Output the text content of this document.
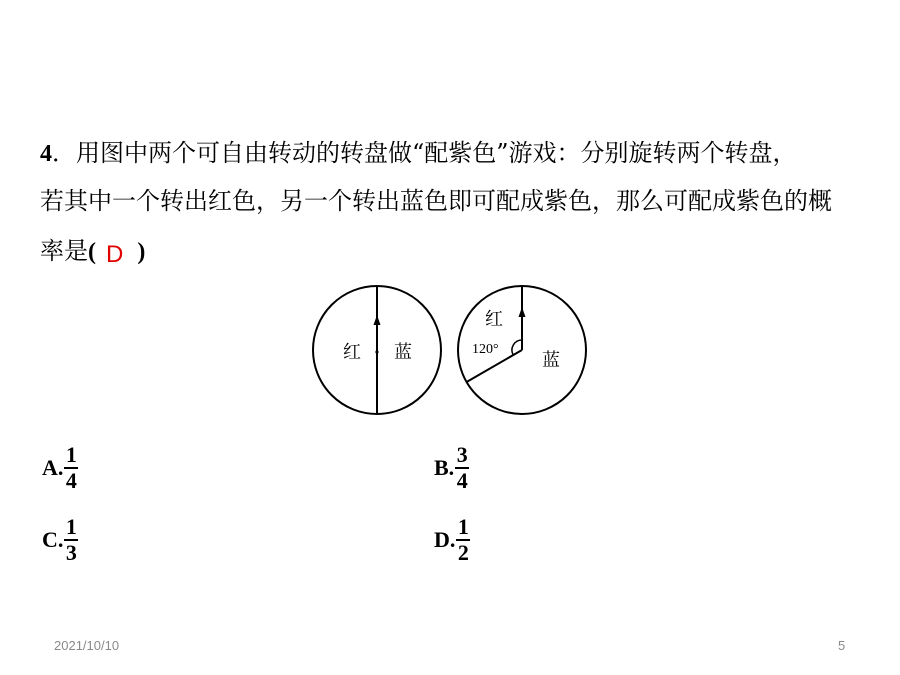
4．用图中两个可自由转动的转盘做“配紫色”游戏：分别旋转两个转盘，
若其中一个转出红色，另一个转出蓝色即可配成紫色，那么可配成紫色的概
率是( D )
红 蓝
红
120°
蓝
A. $\frac{1}{4}$	B. $\frac{3}{4}$
C. $\frac{1}{3}$	D. $\frac{1}{2}$
2021/10/10	5
